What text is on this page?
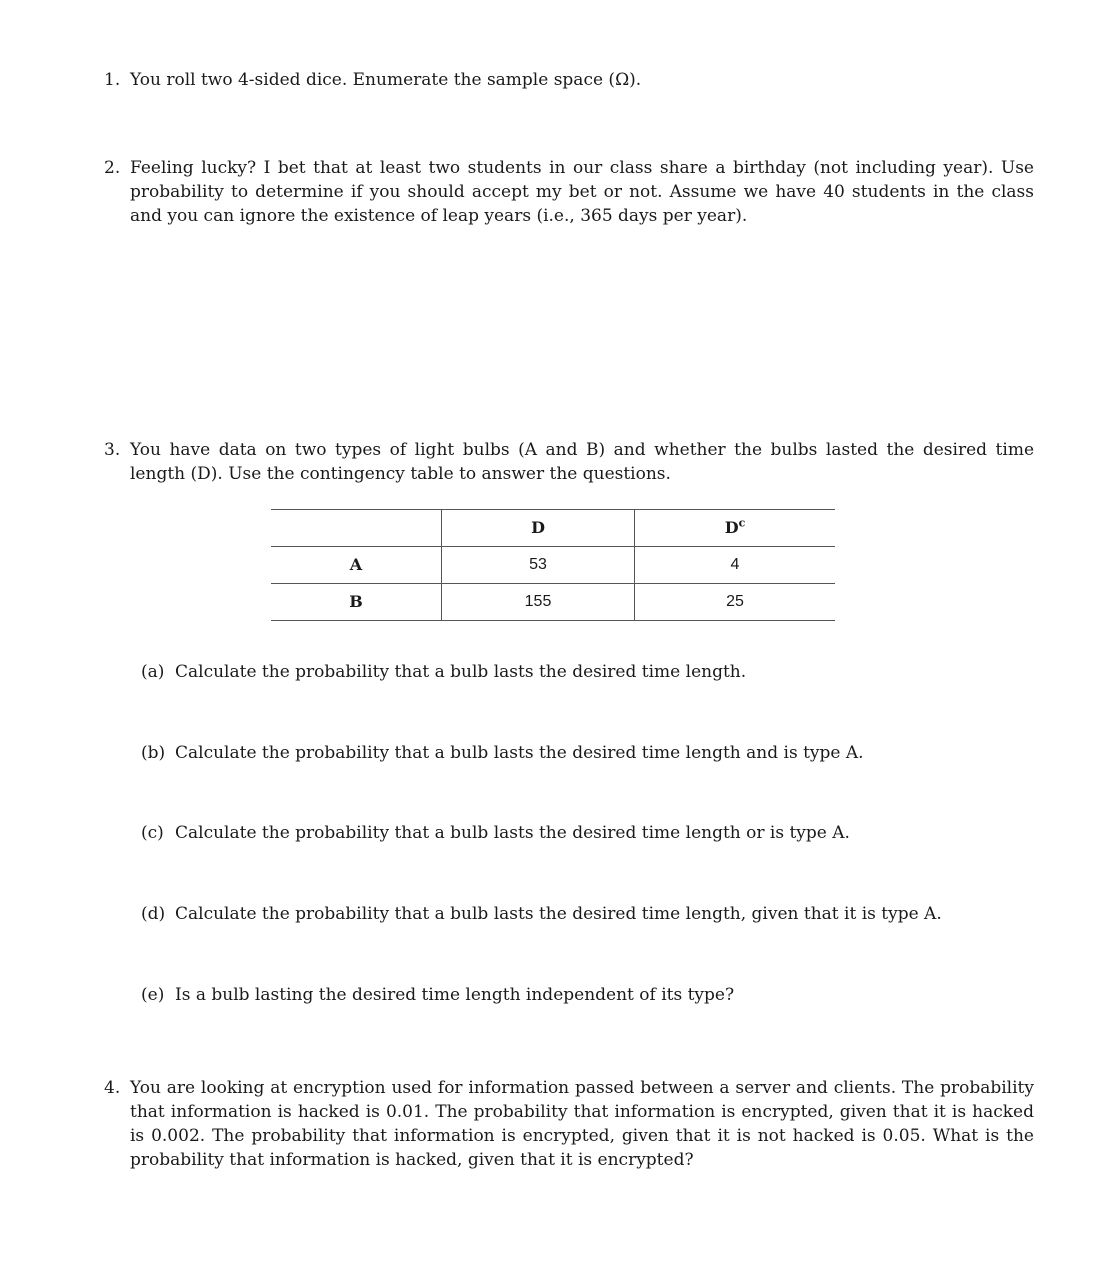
1. You roll two 4-sided dice. Enumerate the sample space (Ω).
2. Feeling lucky? I bet that at least two students in our class share a birthday (not including year). Use probability to determine if you should accept my bet or not. Assume we have 40 students in the class and you can ignore the existence of leap years (i.e., 365 days per year).
3. You have data on two types of light bulbs (A and B) and whether the bulbs lasted the desired time length (D). Use the contingency table to answer the questions.
	D	$D^c$
A	53	4
B	155	25
(a) Calculate the probability that a bulb lasts the desired time length.
(b) Calculate the probability that a bulb lasts the desired time length and is type A.
(c) Calculate the probability that a bulb lasts the desired time length or is type A.
(d) Calculate the probability that a bulb lasts the desired time length, given that it is type A.
(e) Is a bulb lasting the desired time length independent of its type?
4. You are looking at encryption used for information passed between a server and clients. The probability that information is hacked is 0.01. The probability that information is encrypted, given that it is hacked is 0.002. The probability that information is encrypted, given that it is not hacked is 0.05. What is the probability that information is hacked, given that it is encrypted?
